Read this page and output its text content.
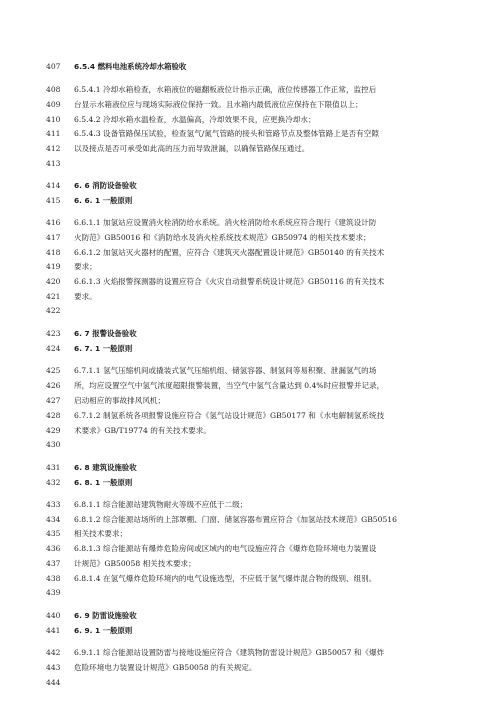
407	6.5.4 燃料电池系统冷却水箱验收
408	6.5.4.1 冷却水箱检查，水箱液位的磁翻板液位计指示正确，液位传感器工作正常，监控后
409	台显示水箱液位应与现场实际液位保持一致。且水箱内最低液位应保持在下限值以上；
410	6.5.4.2 冷却水箱水温检查，水温偏高，冷却效果不良，应更换冷却水；
411	6.5.4.3 设备管路保压试验，检查氢气/氮气管路的接头和管路节点及整体管路上是否有空隙
412	以及接点是否可承受如此高的压力而导致泄漏，以确保管路保压通过。
413
414	6. 6 消防设备验收
415	6. 6. 1 一般原则
416	6.6.1.1 加氢站应设置消火栓消防给水系统。消火栓消防给水系统应符合现行《建筑设计防
417	火防范》GB50016 和《消防给水及消火栓系统技术规范》GB50974 的相关技术要求；
418	6.6.1.2 加氢站灭火器材的配置，应符合《建筑灭火器配置设计规范》GB50140 的有关技术
419	要求；
420	6.6.1.3 火焰报警探测器的设置应符合《火灾自动报警系统设计规范》GB50116 的有关技术
421	要求。
422
423	6. 7 报警设备验收
424	6. 7. 1 一般原则
425	6.7.1.1 氢气压缩机间或撬装式氢气压缩机组、储氢容器、制氢间等易积聚、泄漏氢气的场
426	所，均应设置空气中氢气浓度超限报警装置，当空气中氢气含量达到 0.4%时应报警并记录，
427	启动相应的事故排风风机；
428	6.7.1.2 制氢系统各项报警设施应符合《氢气站设计规范》GB50177 和《水电解制氢系统技
429	术要求》GB/T19774 的有关技术要求。
430
431	6. 8 建筑设施验收
432	6. 8. 1 一般原则
433	6.8.1.1 综合能源站建筑物耐火等级不应低于二级；
434	6.8.1.2 综合能源站场所的上部罩棚、门窗、储氢容器布置应符合《加氢站技术规范》GB50516
435	相关技术要求；
436	6.8.1.3 综合能源站有爆炸危险房间或区域内的电气设施应符合《爆炸危险环境电力装置设
437	计规范》GB50058 相关技术要求；
438	6.8.1.4 在氢气爆炸危险环境内的电气设施选型，不应低于氢气爆炸混合物的级别、组别。
439
440	6. 9 防雷设施验收
441	6. 9. 1 一般原则
442	6.9.1.1 综合能源站设置防雷与接地设施应符合《建筑物防雷设计规范》GB50057 和《爆炸
443	危险环境电力装置设计规范》GB50058 的有关规定。
444
